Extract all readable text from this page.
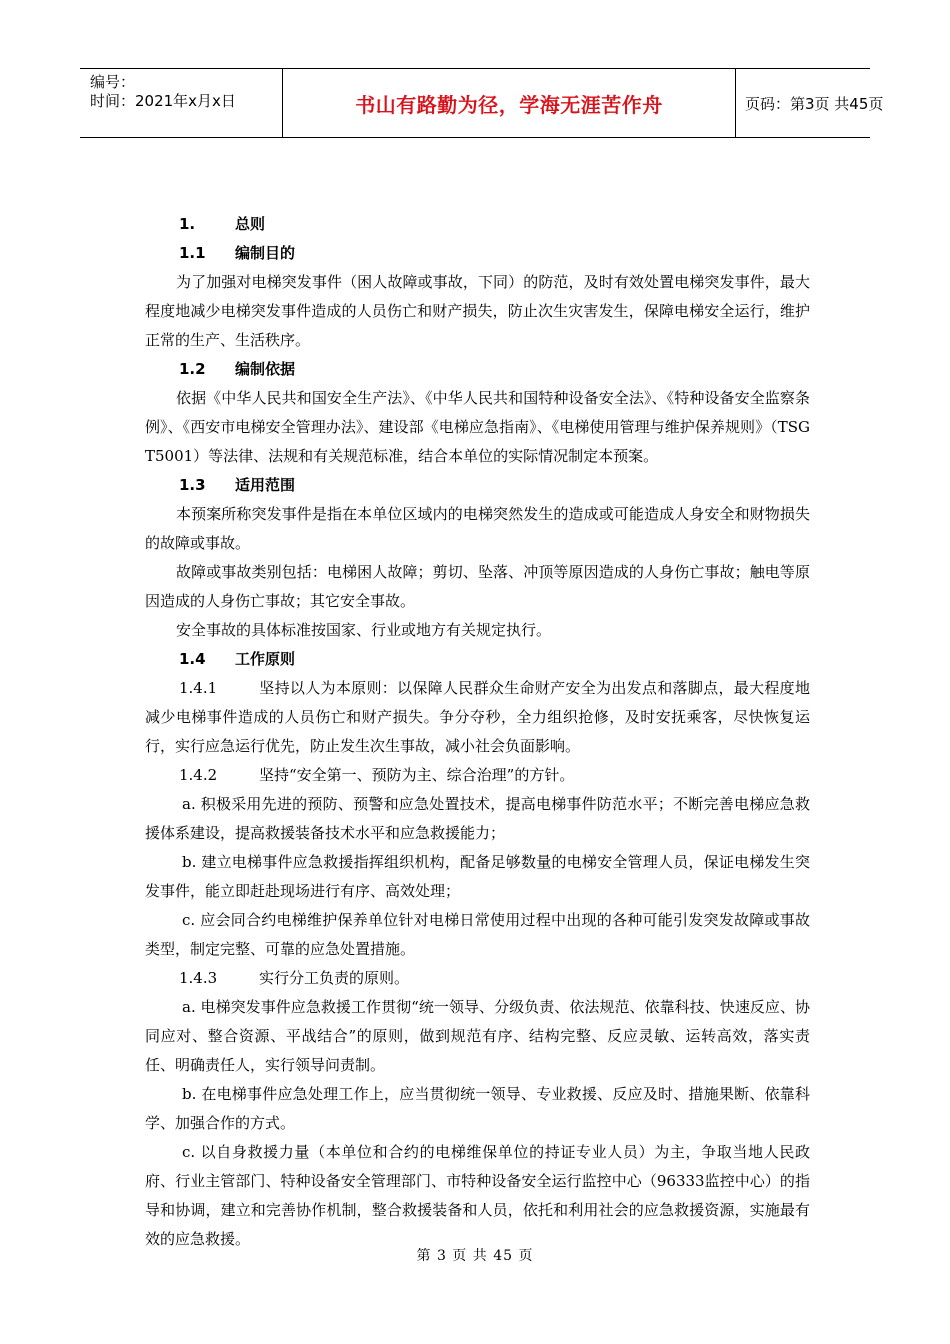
编号：
时间：2021年x月x日	书山有路勤为径，学海无涯苦作舟	页码：第3页 共45页
1.	总则
1.1 编制目的

为了加强对电梯突发事件（困人故障或事故，下同）的防范，及时有效处置电梯突发事件，最大程度地减少电梯突发事件造成的人员伤亡和财产损失，防止次生灾害发生，保障电梯安全运行，维护正常的生产、生活秩序。

1.2 编制依据

依据《中华人民共和国安全生产法》、《中华人民共和国特种设备安全法》、《特种设备安全监察条例》、《西安市电梯安全管理办法》、建设部《电梯应急指南》、《电梯使用管理与维护保养规则》（TSG T5001）等法律、法规和有关规范标准，结合本单位的实际情况制定本预案。

1.3 适用范围

本预案所称突发事件是指在本单位区域内的电梯突然发生的造成或可能造成人身安全和财物损失的故障或事故。

故障或事故类别包括：电梯困人故障；剪切、坠落、冲顶等原因造成的人身伤亡事故；触电等原因造成的人身伤亡事故；其它安全事故。

安全事故的具体标准按国家、行业或地方有关规定执行。

1.4 工作原则

1.4.1	坚持以人为本原则：以保障人民群众生命财产安全为出发点和落脚点，最大程度地减少电梯事件造成的人员伤亡和财产损失。争分夺秒，全力组织抢修，及时安抚乘客，尽快恢复运行，实行应急运行优先，防止发生次生事故，减小社会负面影响。

1.4.2	坚持“安全第一、预防为主、综合治理”的方针。

a. 积极采用先进的预防、预警和应急处置技术，提高电梯事件防范水平；不断完善电梯应急救援体系建设，提高救援装备技术水平和应急救援能力；

b. 建立电梯事件应急救援指挥组织机构，配备足够数量的电梯安全管理人员，保证电梯发生突发事件，能立即赶赴现场进行有序、高效处理；

c. 应会同合约电梯维护保养单位针对电梯日常使用过程中出现的各种可能引发突发故障或事故类型，制定完整、可靠的应急处置措施。

1.4.3	实行分工负责的原则。

a. 电梯突发事件应急救援工作贯彻“统一领导、分级负责、依法规范、依靠科技、快速反应、协同应对、整合资源、平战结合”的原则，做到规范有序、结构完整、反应灵敏、运转高效，落实责任、明确责任人，实行领导问责制。

b. 在电梯事件应急处理工作上，应当贯彻统一领导、专业救援、反应及时、措施果断、依靠科学、加强合作的方式。

c. 以自身救援力量（本单位和合约的电梯维保单位的持证专业人员）为主，争取当地人民政府、行业主管部门、特种设备安全管理部门、市特种设备安全运行监控中心（96333监控中心）的指导和协调，建立和完善协作机制，整合救援装备和人员，依托和利用社会的应急救援资源，实施最有效的应急救援。

第 3 页 共 45 页
